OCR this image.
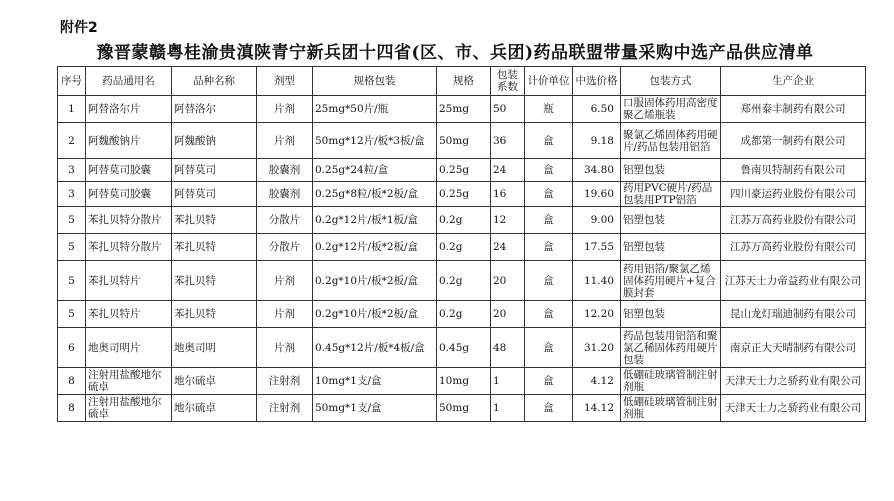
附件2
豫晋蒙赣粤桂渝贵滇陕青宁新兵团十四省(区、市、兵团)药品联盟带量采购中选产品供应清单
序号	药品通用名	品种名称	剂型	规格包装	规格	包装系数	计价单位	中选价格	包装方式	生产企业
1	阿替洛尔片	阿替洛尔	片剂	25mg*50片/瓶	25mg	50	瓶	6.50	口服固体药用高密度聚乙烯瓶装	郑州泰丰制药有限公司
2	阿魏酸钠片	阿魏酸钠	片剂	50mg*12片/板*3板/盒	50mg	36	盒	9.18	聚氯乙烯固体药用硬片/药品包装用铝箔	成都第一制药有限公司
3	阿替莫司胶囊	阿替莫司	胶囊剂	0.25g*24粒/盒	0.25g	24	盒	34.80	铝塑包装	鲁南贝特制药有限公司
3	阿替莫司胶囊	阿替莫司	胶囊剂	0.25g*8粒/板*2板/盒	0.25g	16	盒	19.60	药用PVC硬片/药品包装用PTP铝箔	四川豪运药业股份有限公司
5	苯扎贝特分散片	苯扎贝特	分散片	0.2g*12片/板*1板/盒	0.2g	12	盒	9.00	铝塑包装	江苏万高药业股份有限公司
5	苯扎贝特分散片	苯扎贝特	分散片	0.2g*12片/板*2板/盒	0.2g	24	盒	17.55	铝塑包装	江苏万高药业股份有限公司
5	苯扎贝特片	苯扎贝特	片剂	0.2g*10片/板*2板/盒	0.2g	20	盒	11.40	药用铝箔/聚氯乙烯固体药用硬片+复合膜封套	江苏天士力帝益药业有限公司
5	苯扎贝特片	苯扎贝特	片剂	0.2g*10片/板*2板/盒	0.2g	20	盒	12.20	铝塑包装	昆山龙灯瑞迪制药有限公司
6	地奥司明片	地奥司明	片剂	0.45g*12片/板*4板/盒	0.45g	48	盒	31.20	药品包装用铝箔和聚氯乙稀固体药用硬片包装	南京正大天晴制药有限公司
8	注射用盐酸地尔硫卓	地尔硫卓	注射剂	10mg*1支/盒	10mg	1	盒	4.12	低硼硅玻璃管制注射剂瓶	天津天士力之骄药业有限公司
8	注射用盐酸地尔硫卓	地尔硫卓	注射剂	50mg*1支/盒	50mg	1	盒	14.12	低硼硅玻璃管制注射剂瓶	天津天士力之骄药业有限公司
